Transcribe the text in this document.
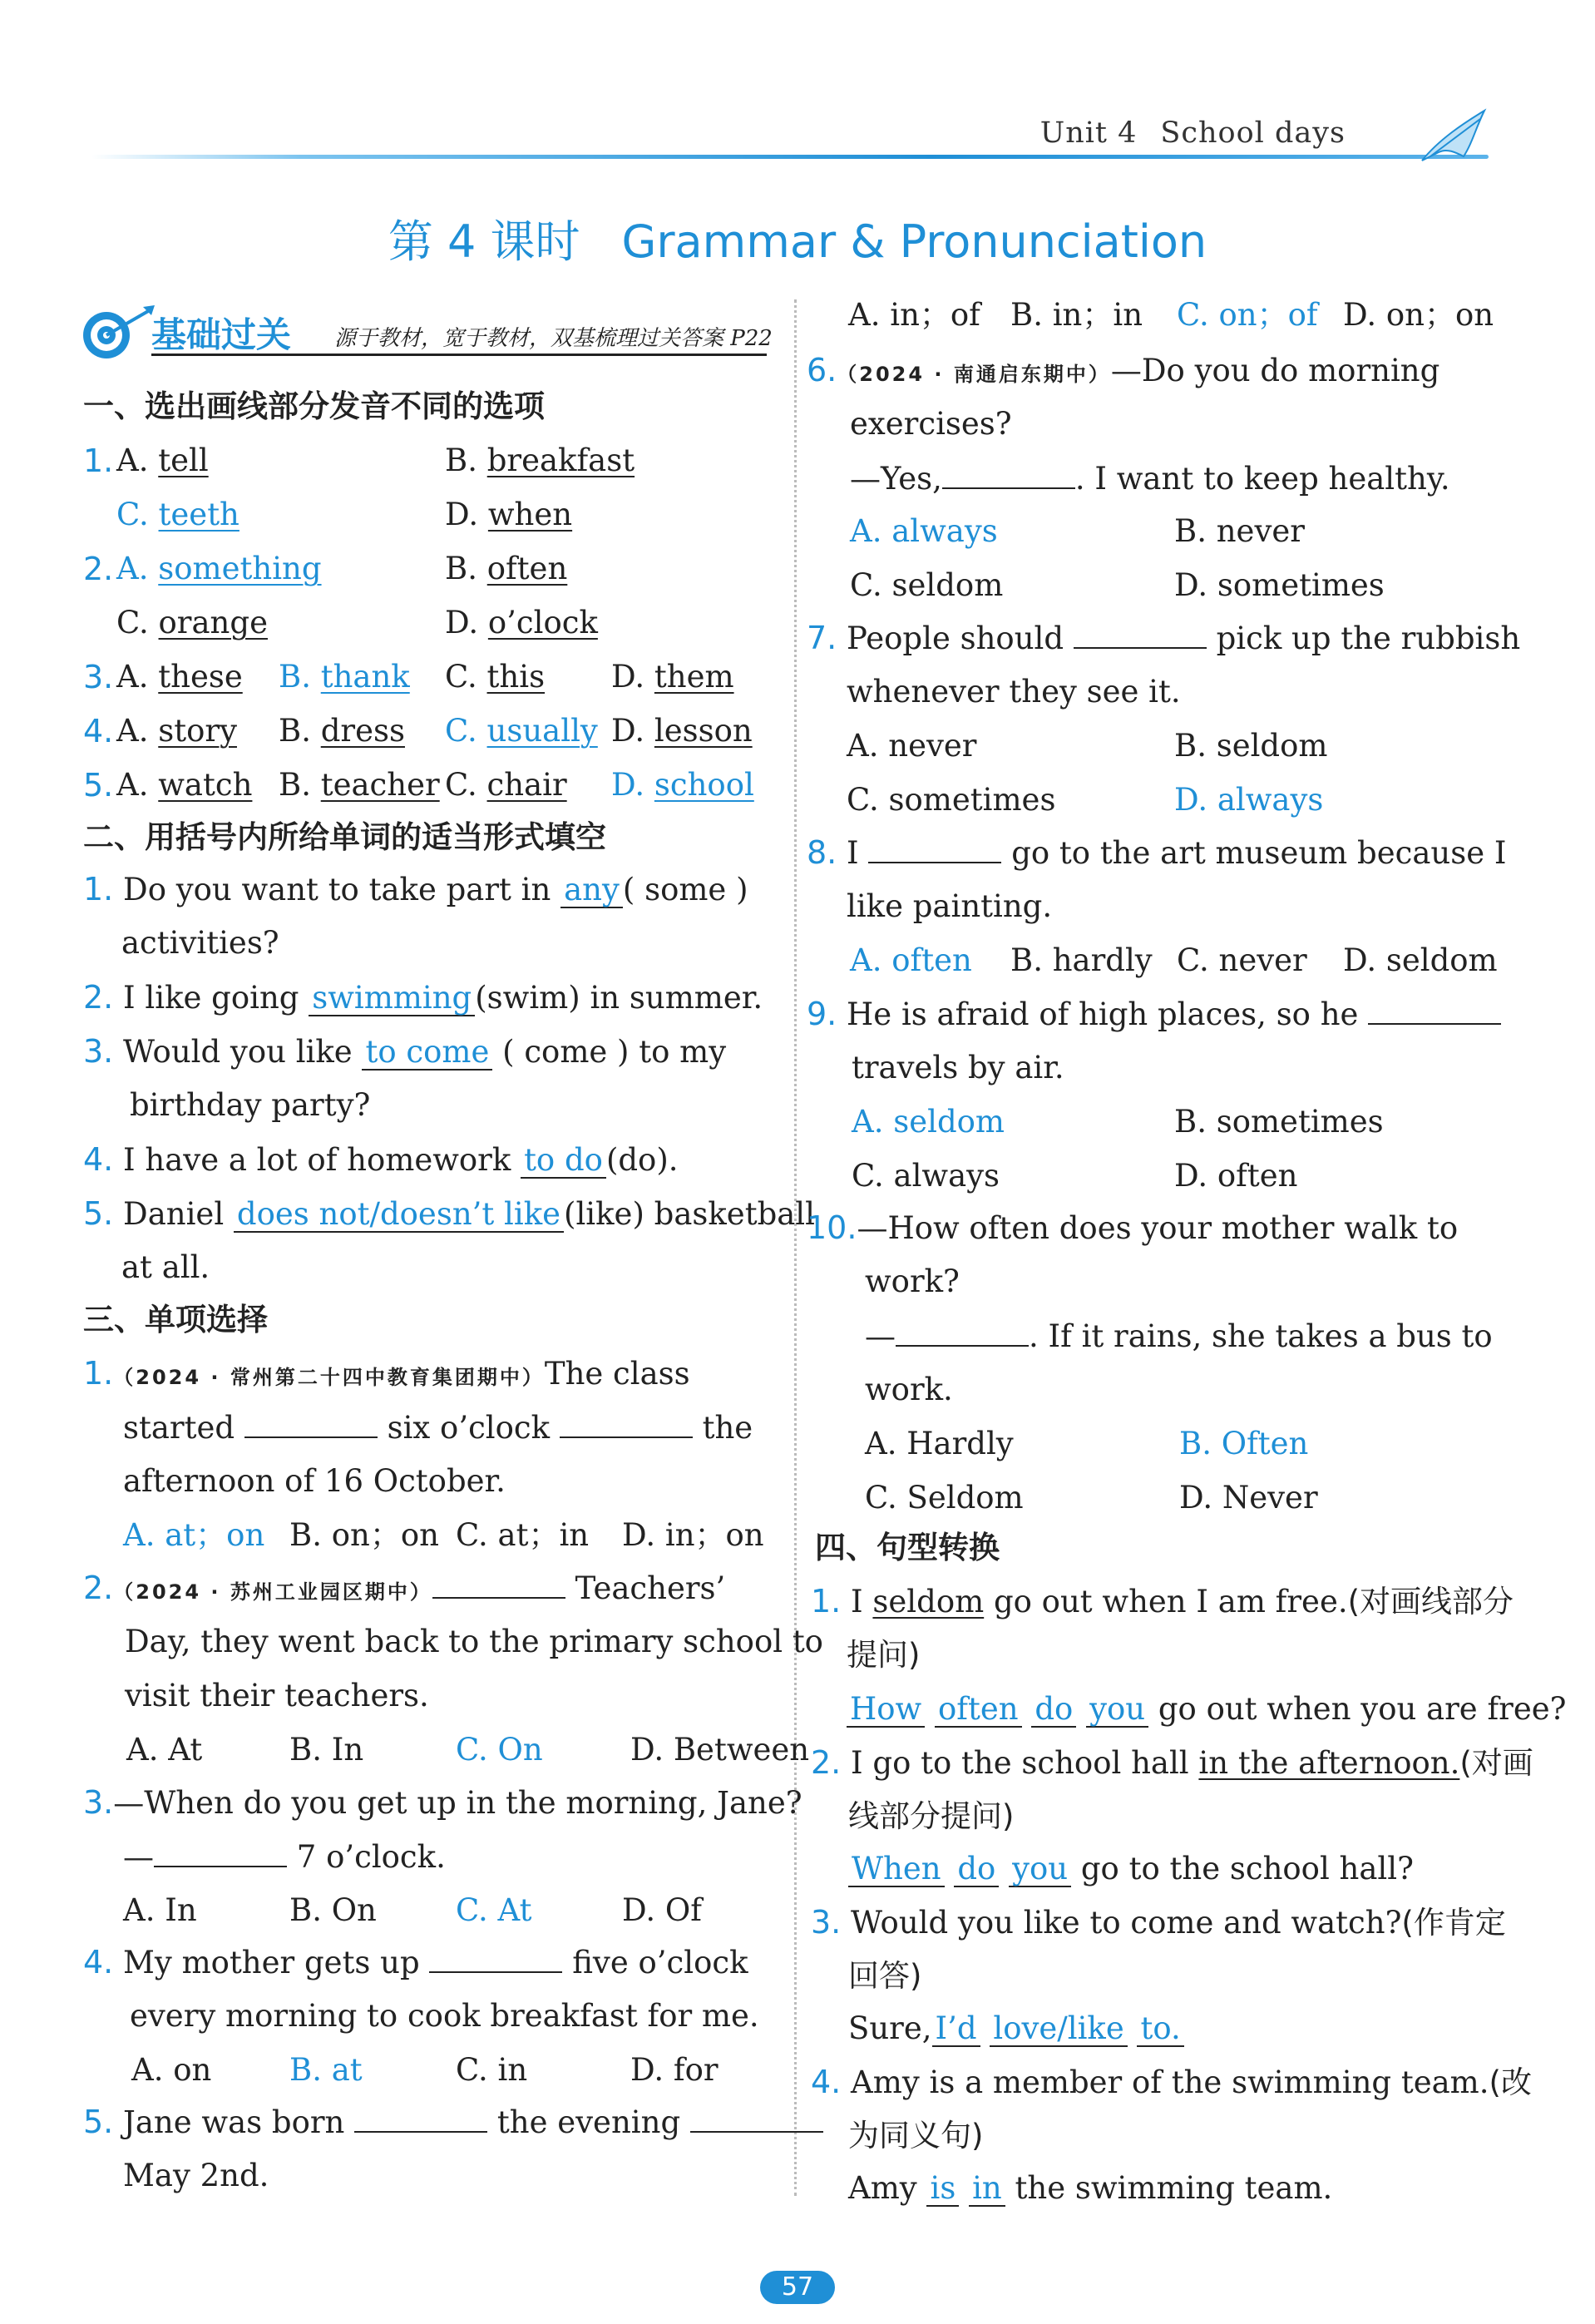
Unit 4 School days
第 4 课时 Grammar & Pronunciation
基础过关 源于教材，宽于教材，双基梳理过关答案 P22
一、选出画线部分发音不同的选项
1. A. tell	B. breakfast
C. teeth	D. when
2. A. something	B. often
C. orange	D. o’clock
3. A. these B. thank C. this D. them
4. A. story B. dress C. usually D. lesson
5. A. watch B. teacher C. chair D. school
二、用括号内所给单词的适当形式填空
1. Do you want to take part in any ( some )
activities?
2. I like going swimming (swim) in summer.
3. Would you like to come ( come ) to my
birthday party?
4. I have a lot of homework to do (do).
5. Daniel does not/doesn’t like (like) basketball
at all.
三、单项选择
1.（2024 · 常州第二十四中教育集团期中）The class
started	six o’clock	the
afternoon of 16 October.
A. at；on B. on；on C. at；in D. in；on
2.（2024 · 苏州工业园区期中）	Teachers’
Day, they went back to the primary school to
visit their teachers.
A. At	B. In	C. On	D. Between
3.—When do you get up in the morning, Jane?
—	7 o’clock.
A. In	B. On	C. At	D. Of
4. My mother gets up	five o’clock
every morning to cook breakfast for me.
A. on	B. at	C. in	D. for
5. Jane was born	the evening
May 2nd.
A. in；of B. in；in C. on；of D. on；on
6.（2024 · 南通启东期中）—Do you do morning
exercises?
—Yes,	. I want to keep healthy.
A. always	B. never
C. seldom	D. sometimes
7. People should	pick up the rubbish
whenever they see it.
A. never	B. seldom
C. sometimes	D. always
8. I	go to the art museum because I
like painting.
A. often B. hardly C. never D. seldom
9. He is afraid of high places, so he
travels by air.
A. seldom	B. sometimes
C. always	D. often
10.—How often does your mother walk to
work?
—	. If it rains, she takes a bus to
work.
A. Hardly	B. Often
C. Seldom	D. Never
四、句型转换
1. I seldom go out when I am free.(对画线部分
提问)
How often do you go out when you are free?
2. I go to the school hall in the afternoon.(对画
线部分提问)
When do you go to the school hall?
3. Would you like to come and watch?(作肯定
回答)
Sure, I’d love/like to.
4. Amy is a member of the swimming team.(改
为同义句)
Amy is in the swimming team.
57
